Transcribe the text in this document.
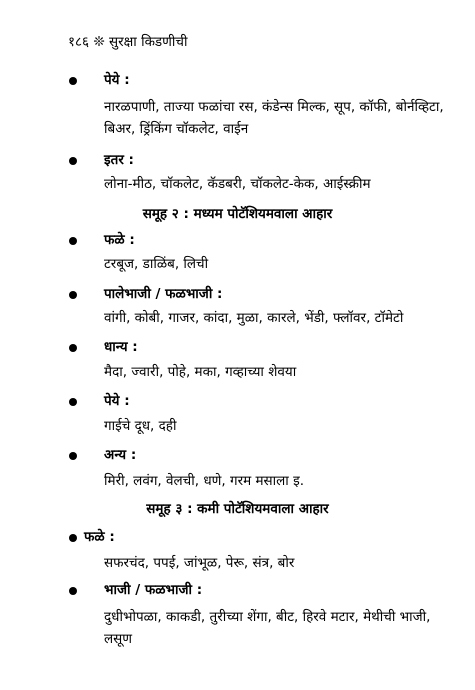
१८६ ❊ सुरक्षा किडणीची
पेये :
नारळपाणी, ताज्या फळांचा रस, कंडेन्स मिल्क, सूप, कॉफी, बोर्नव्हिटा, बिअर, ड्रिंकिंग चॉकलेट, वाईन
इतर :
लोना-मीठ, चॉकलेट, कॅडबरी, चॉकलेट-केक, आईस्क्रीम
समूह २ : मध्यम पोटॅशियमवाला आहार
फळे :
टरबूज, डाळिंब, लिची
पालेभाजी / फळभाजी :
वांगी, कोबी, गाजर, कांदा, मुळा, कारले, भेंडी, फ्लॉवर, टॉमेटो
धान्य :
मैदा, ज्वारी, पोहे, मका, गव्हाच्या शेवया
पेये :
गाईचे दूध, दही
अन्य :
मिरी, लवंग, वेलची, धणे, गरम मसाला इ.
समूह ३ : कमी पोटॅशियमवाला आहार
फळे :
सफरचंद, पपई, जांभूळ, पेरू, संत्र, बोर
भाजी / फळभाजी :
दुधीभोपळा, काकडी, तुरीच्या शेंगा, बीट, हिरवे मटार, मेथीची भाजी, लसूण
